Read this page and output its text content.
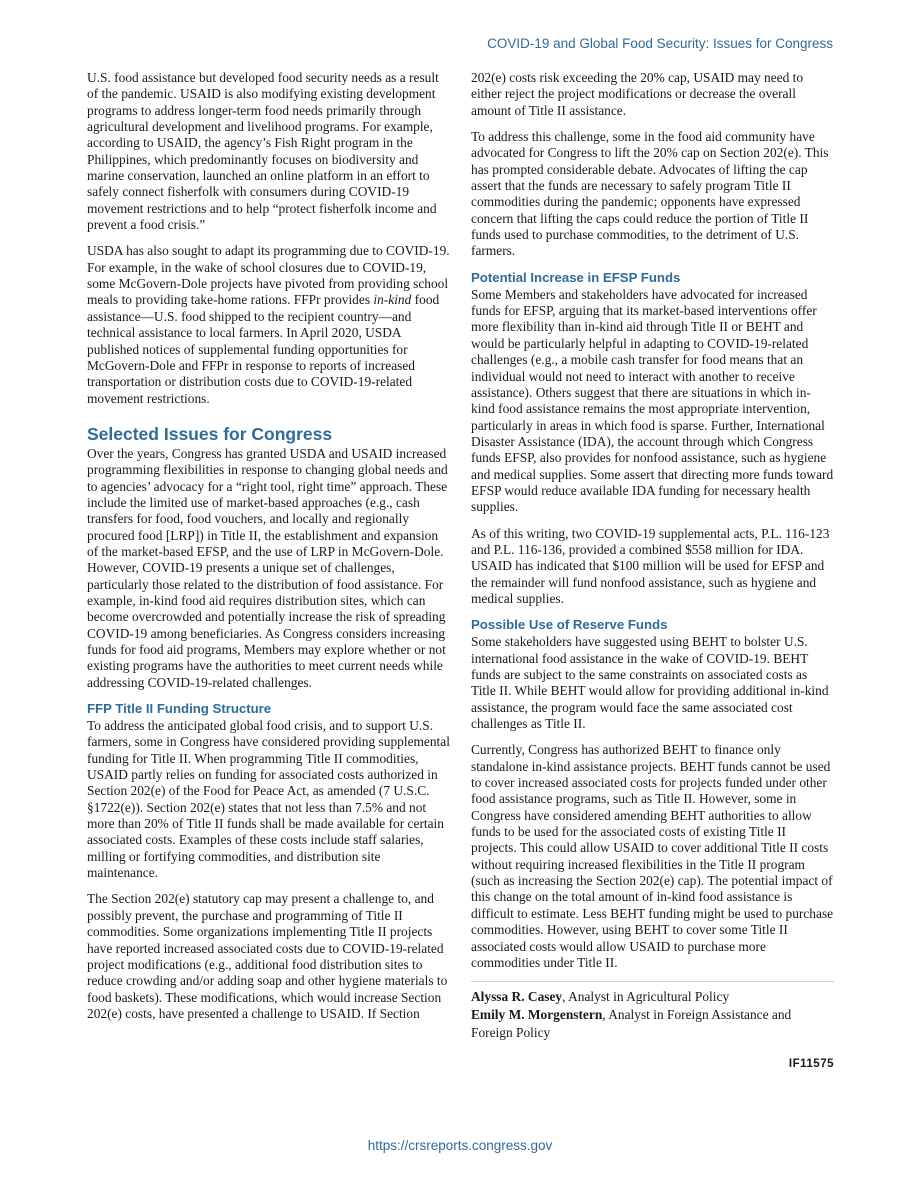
COVID-19 and Global Food Security: Issues for Congress

U.S. food assistance but developed food security needs as a result of the pandemic. USAID is also modifying existing development programs to address longer-term food needs primarily through agricultural development and livelihood programs. For example, according to USAID, the agency’s Fish Right program in the Philippines, which predominantly focuses on biodiversity and marine conservation, launched an online platform in an effort to safely connect fisherfolk with consumers during COVID-19 movement restrictions and to help “protect fisherfolk income and prevent a food crisis.”

USDA has also sought to adapt its programming due to COVID-19. For example, in the wake of school closures due to COVID-19, some McGovern-Dole projects have pivoted from providing school meals to providing take-home rations. FFPr provides in-kind food assistance—U.S. food shipped to the recipient country—and technical assistance to local farmers. In April 2020, USDA published notices of supplemental funding opportunities for McGovern-Dole and FFPr in response to reports of increased transportation or distribution costs due to COVID-19-related movement restrictions.

Selected Issues for Congress

Over the years, Congress has granted USDA and USAID increased programming flexibilities in response to changing global needs and to agencies’ advocacy for a “right tool, right time” approach. These include the limited use of market-based approaches (e.g., cash transfers for food, food vouchers, and locally and regionally procured food [LRP]) in Title II, the establishment and expansion of the market-based EFSP, and the use of LRP in McGovern-Dole. However, COVID-19 presents a unique set of challenges, particularly those related to the distribution of food assistance. For example, in-kind food aid requires distribution sites, which can become overcrowded and potentially increase the risk of spreading COVID-19 among beneficiaries. As Congress considers increasing funds for food aid programs, Members may explore whether or not existing programs have the authorities to meet current needs while addressing COVID-19-related challenges.

FFP Title II Funding Structure

To address the anticipated global food crisis, and to support U.S. farmers, some in Congress have considered providing supplemental funding for Title II. When programming Title II commodities, USAID partly relies on funding for associated costs authorized in Section 202(e) of the Food for Peace Act, as amended (7 U.S.C. §1722(e)). Section 202(e) states that not less than 7.5% and not more than 20% of Title II funds shall be made available for certain associated costs. Examples of these costs include staff salaries, milling or fortifying commodities, and distribution site maintenance.

The Section 202(e) statutory cap may present a challenge to, and possibly prevent, the purchase and programming of Title II commodities. Some organizations implementing Title II projects have reported increased associated costs due to COVID-19-related project modifications (e.g., additional food distribution sites to reduce crowding and/or adding soap and other hygiene materials to food baskets). These modifications, which would increase Section 202(e) costs, have presented a challenge to USAID. If Section

202(e) costs risk exceeding the 20% cap, USAID may need to either reject the project modifications or decrease the overall amount of Title II assistance.

To address this challenge, some in the food aid community have advocated for Congress to lift the 20% cap on Section 202(e). This has prompted considerable debate. Advocates of lifting the cap assert that the funds are necessary to safely program Title II commodities during the pandemic; opponents have expressed concern that lifting the caps could reduce the portion of Title II funds used to purchase commodities, to the detriment of U.S. farmers.

Potential Increase in EFSP Funds

Some Members and stakeholders have advocated for increased funds for EFSP, arguing that its market-based interventions offer more flexibility than in-kind aid through Title II or BEHT and would be particularly helpful in adapting to COVID-19-related challenges (e.g., a mobile cash transfer for food means that an individual would not need to interact with another to receive assistance). Others suggest that there are situations in which in-kind food assistance remains the most appropriate intervention, particularly in areas in which food is sparse. Further, International Disaster Assistance (IDA), the account through which Congress funds EFSP, also provides for nonfood assistance, such as hygiene and medical supplies. Some assert that directing more funds toward EFSP would reduce available IDA funding for necessary health supplies.

As of this writing, two COVID-19 supplemental acts, P.L. 116-123 and P.L. 116-136, provided a combined $558 million for IDA. USAID has indicated that $100 million will be used for EFSP and the remainder will fund nonfood assistance, such as hygiene and medical supplies.

Possible Use of Reserve Funds

Some stakeholders have suggested using BEHT to bolster U.S. international food assistance in the wake of COVID-19. BEHT funds are subject to the same constraints on associated costs as Title II. While BEHT would allow for providing additional in-kind assistance, the program would face the same associated cost challenges as Title II.

Currently, Congress has authorized BEHT to finance only standalone in-kind assistance projects. BEHT funds cannot be used to cover increased associated costs for projects funded under other food assistance programs, such as Title II. However, some in Congress have considered amending BEHT authorities to allow funds to be used for the associated costs of existing Title II projects. This could allow USAID to cover additional Title II costs without requiring increased flexibilities in the Title II program (such as increasing the Section 202(e) cap). The potential impact of this change on the total amount of in-kind food assistance is difficult to estimate. Less BEHT funding might be used to purchase commodities. However, using BEHT to cover some Title II associated costs would allow USAID to purchase more commodities under Title II.

Alyssa R. Casey, Analyst in Agricultural Policy
Emily M. Morgenstern, Analyst in Foreign Assistance and Foreign Policy
IF11575
https://crsreports.congress.gov
